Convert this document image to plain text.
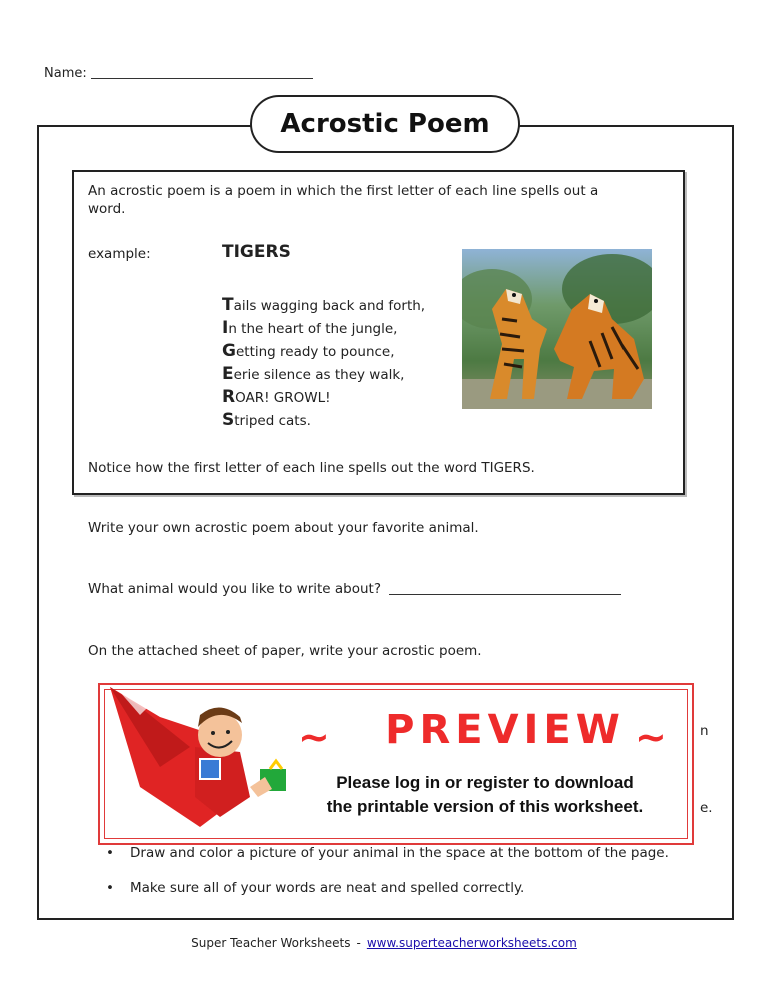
Name:
Acrostic Poem
An acrostic poem is a poem in which the first letter of each line spells out a word.
example:	TIGERS
Tails wagging back and forth,
In the heart of the jungle,
Getting ready to pounce,
Eerie silence as they walk,
ROAR! GROWL!
Striped cats.
Notice how the first letter of each line spells out the word TIGERS.
Write your own acrostic poem about your favorite animal.
What animal would you like to write about?
On the attached sheet of paper, write your acrostic poem.
n
e.
• Draw and color a picture of your animal in the space at the bottom of the page.
• Make sure all of your words are neat and spelled correctly.
~	PREVIEW ~
Please log in or register to download
the printable version of this worksheet.
Super Teacher Worksheets - www.superteacherworksheets.com
